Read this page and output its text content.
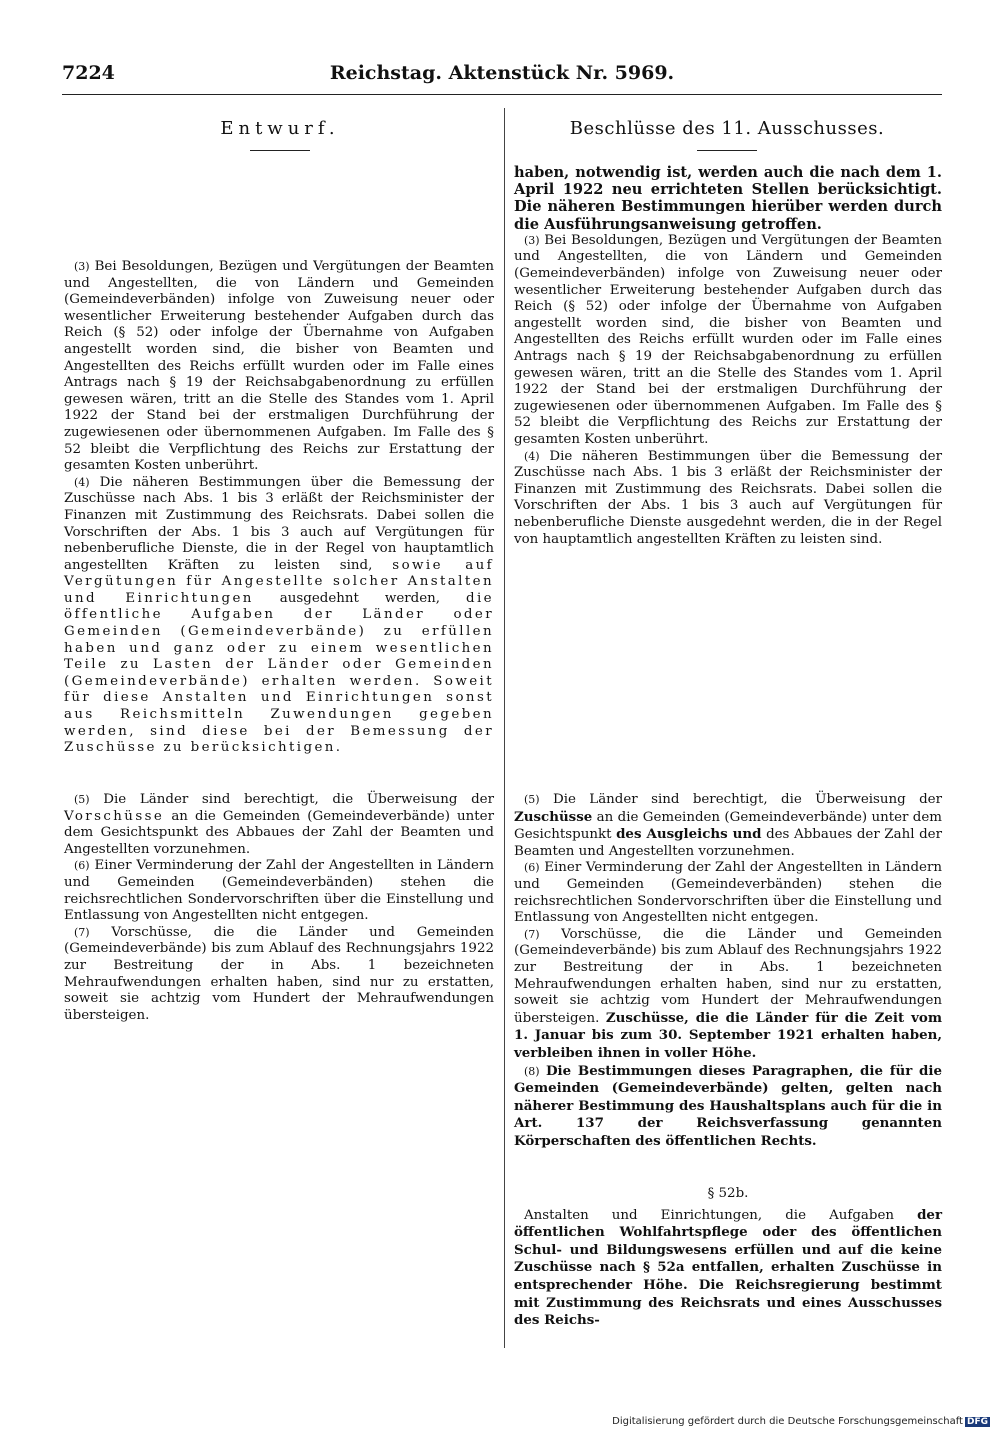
7224	Reichstag. Aktenstück Nr. 5969.
Entwurf.	Beschlüsse des 11. Ausschusses.

(3) Bei Besoldungen, Bezügen und Vergütungen der Beamten und Angestellten, die von Ländern und Gemeinden (Gemeindeverbänden) infolge von Zuweisung neuer oder wesentlicher Erweiterung bestehender Aufgaben durch das Reich (§ 52) oder infolge der Übernahme von Aufgaben angestellt worden sind, die bisher von Beamten und Angestellten des Reichs erfüllt wurden oder im Falle eines Antrags nach § 19 der Reichsabgabenordnung zu erfüllen gewesen wären, tritt an die Stelle des Standes vom 1. April 1922 der Stand bei der erstmaligen Durchführung der zugewiesenen oder übernommenen Aufgaben. Im Falle des § 52 bleibt die Verpflichtung des Reichs zur Erstattung der gesamten Kosten unberührt.

(4) Die näheren Bestimmungen über die Bemessung der Zuschüsse nach Abs. 1 bis 3 erläßt der Reichsminister der Finanzen mit Zustimmung des Reichsrats. Dabei sollen die Vorschriften der Abs. 1 bis 3 auch auf Vergütungen für nebenberufliche Dienste, die in der Regel von hauptamtlich angestellten Kräften zu leisten sind, sowie auf Vergütungen für Angestellte solcher Anstalten und Einrichtungen ausgedehnt werden, die öffentliche Aufgaben der Länder oder Gemeinden (Gemeindeverbände) zu erfüllen haben und ganz oder zu einem wesentlichen Teile zu Lasten der Länder oder Gemeinden (Gemeindeverbände) erhalten werden. Soweit für diese Anstalten und Einrichtungen sonst aus Reichsmitteln Zuwendungen gegeben werden, sind diese bei der Bemessung der Zuschüsse zu berücksichtigen.

(5) Die Länder sind berechtigt, die Überweisung der Vorschüsse an die Gemeinden (Gemeindeverbände) unter dem Gesichtspunkt des Abbaues der Zahl der Beamten und Angestellten vorzunehmen.

(6) Einer Verminderung der Zahl der Angestellten in Ländern und Gemeinden (Gemeindeverbänden) stehen die reichsrechtlichen Sondervorschriften über die Einstellung und Entlassung von Angestellten nicht entgegen.

(7) Vorschüsse, die die Länder und Gemeinden (Gemeindeverbände) bis zum Ablauf des Rechnungsjahrs 1922 zur Bestreitung der in Abs. 1 bezeichneten Mehraufwendungen erhalten haben, sind nur zu erstatten, soweit sie achtzig vom Hundert der Mehraufwendungen übersteigen.

haben, notwendig ist, werden auch die nach dem 1. April 1922 neu errichteten Stellen berücksichtigt. Die näheren Bestimmungen hierüber werden durch die Ausführungsanweisung getroffen.

(3) Bei Besoldungen, Bezügen und Vergütungen der Beamten und Angestellten, die von Ländern und Gemeinden (Gemeindeverbänden) infolge von Zuweisung neuer oder wesentlicher Erweiterung bestehender Aufgaben durch das Reich (§ 52) oder infolge der Übernahme von Aufgaben angestellt worden sind, die bisher von Beamten und Angestellten des Reichs erfüllt wurden oder im Falle eines Antrags nach § 19 der Reichsabgabenordnung zu erfüllen gewesen wären, tritt an die Stelle des Standes vom 1. April 1922 der Stand bei der erstmaligen Durchführung der zugewiesenen oder übernommenen Aufgaben. Im Falle des § 52 bleibt die Verpflichtung des Reichs zur Erstattung der gesamten Kosten unberührt.

(4) Die näheren Bestimmungen über die Bemessung der Zuschüsse nach Abs. 1 bis 3 erläßt der Reichsminister der Finanzen mit Zustimmung des Reichsrats. Dabei sollen die Vorschriften der Abs. 1 bis 3 auch auf Vergütungen für nebenberufliche Dienste ausgedehnt werden, die in der Regel von hauptamtlich angestellten Kräften zu leisten sind.

(5) Die Länder sind berechtigt, die Überweisung der Zuschüsse an die Gemeinden (Gemeindeverbände) unter dem Gesichtspunkt des Ausgleichs und des Abbaues der Zahl der Beamten und Angestellten vorzunehmen.

(6) Einer Verminderung der Zahl der Angestellten in Ländern und Gemeinden (Gemeindeverbänden) stehen die reichsrechtlichen Sondervorschriften über die Einstellung und Entlassung von Angestellten nicht entgegen.

(7) Vorschüsse, die die Länder und Gemeinden (Gemeindeverbände) bis zum Ablauf des Rechnungsjahrs 1922 zur Bestreitung der in Abs. 1 bezeichneten Mehraufwendungen erhalten haben, sind nur zu erstatten, soweit sie achtzig vom Hundert der Mehraufwendungen übersteigen. Zuschüsse, die die Länder für die Zeit vom 1. Januar bis zum 30. September 1921 erhalten haben, verbleiben ihnen in voller Höhe.

(8) Die Bestimmungen dieses Paragraphen, die für die Gemeinden (Gemeindeverbände) gelten, gelten nach näherer Bestimmung des Haushaltsplans auch für die in Art. 137 der Reichsverfassung genannten Körperschaften des öffentlichen Rechts.

§ 52b.

Anstalten und Einrichtungen, die Aufgaben der öffentlichen Wohlfahrtspflege oder des öffentlichen Schul- und Bildungswesens erfüllen und auf die keine Zuschüsse nach § 52a entfallen, erhalten Zuschüsse in entsprechender Höhe. Die Reichsregierung bestimmt mit Zustimmung des Reichsrats und eines Ausschusses des Reichs-

Digitalisierung gefördert durch die Deutsche Forschungsgemeinschaft DFG
